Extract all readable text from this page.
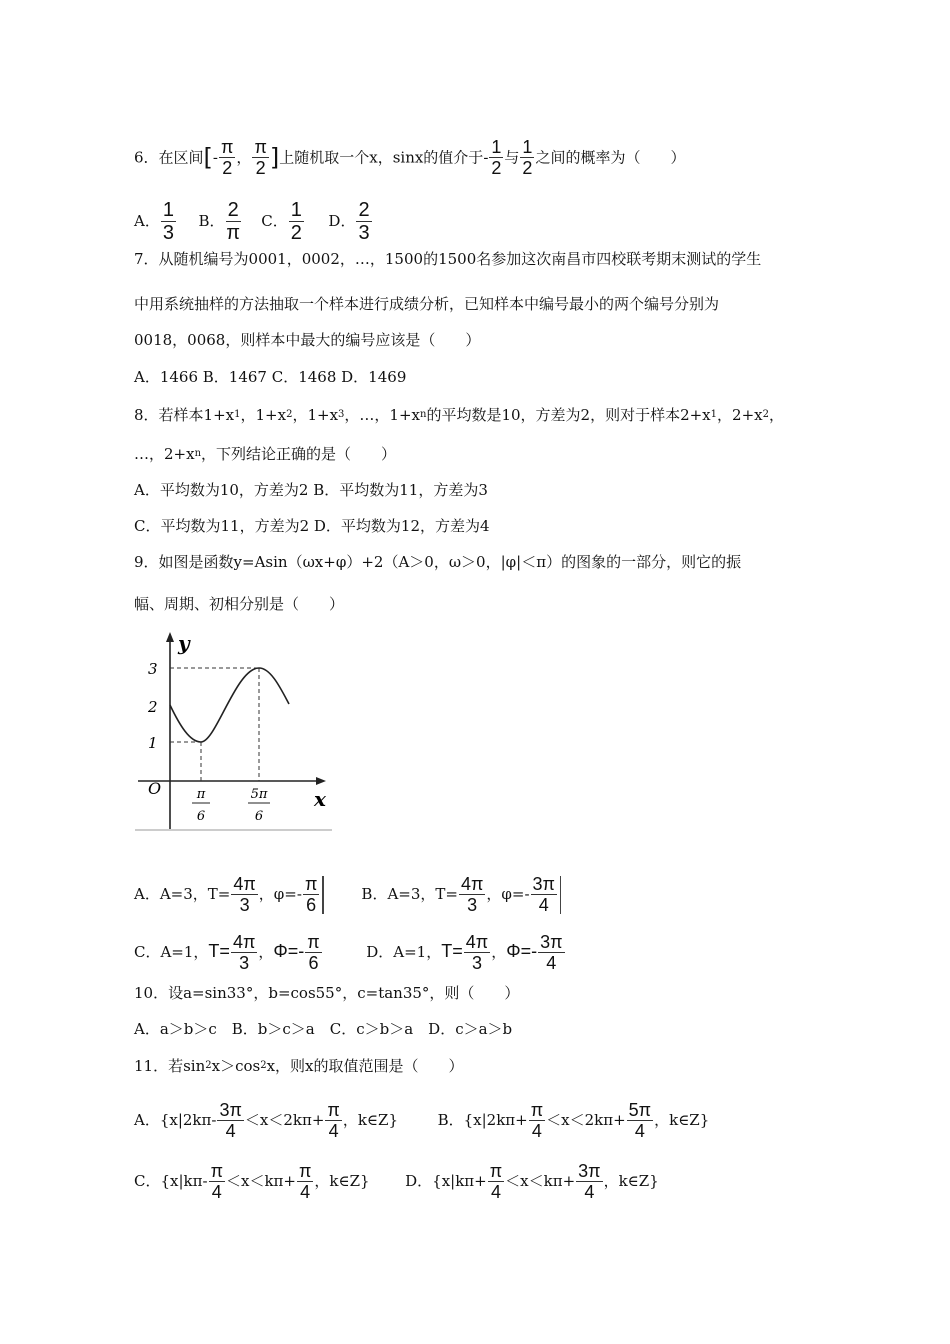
6．在区间[- $\frac{\pi}{2}$ ， $\frac{\pi}{2}$ ]上随机取一个x，sinx的值介于- $\frac{1}{2}$ 与 $\frac{1}{2}$ 之间的概率为（　　）
A． $\frac{1}{3}$ B． $\frac{2}{\pi}$ C． $\frac{1}{2}$ D． $\frac{2}{3}$
7．从随机编号为0001，0002，…，1500的1500名参加这次南昌市四校联考期末测试的学生
中用系统抽样的方法抽取一个样本进行成绩分析，已知样本中编号最小的两个编号分别为
0018，0068，则样本中最大的编号应该是（　　）
A．1466 B．1467 C．1468 D．1469
8．若样本1+x1，1+x2，1+x3，…，1+xn的平均数是10，方差为2，则对于样本2+x1，2+x2，
…，2+xn，下列结论正确的是（　　）
A．平均数为10，方差为2 B．平均数为11，方差为3
C．平均数为11，方差为2 D．平均数为12，方差为4
9．如图是函数y=Asin（ωx+φ）+2（A＞0，ω＞0，|φ|＜π）的图象的一部分，则它的振
幅、周期、初相分别是（　　）
y
x
O
3
2
1
π
6
5π
6
A．A=3，$T= \frac{4\pi}{3}$ ，$\varphi=- \frac{\pi}{6}$	B．A=3，$T= \frac{4\pi}{3}$ ，$\varphi=- \frac{3\pi}{4}$
C．A=1，$T= \frac{4\pi}{3}$ ，$\Phi=- \frac{\pi}{6}$	D．A=1，$T= \frac{4\pi}{3}$ ，$\Phi=- \frac{3\pi}{4}$
10．设a=sin33°，b=cos55°，c=tan35°，则（　　）
A．a＞b＞c　B．b＞c＞a　C．c＞b＞a　D．c＞a＞b
11．若sin2x＞cos2x，则x的取值范围是（　　）
A．{$x|2k\pi- \frac{3\pi}{4} <x<2k\pi+ \frac{\pi}{4}$ ，k∈Z}	B．{$x|2k\pi+ \frac{\pi}{4} <x<2k\pi+ \frac{5\pi}{4}$ ，k∈Z}
C．{$x|k\pi- \frac{\pi}{4} <x<k\pi+ \frac{\pi}{4}$ ，k∈Z} D．{$x|k\pi+ \frac{\pi}{4} <x<k\pi+ \frac{3\pi}{4}$ ，k∈Z}
